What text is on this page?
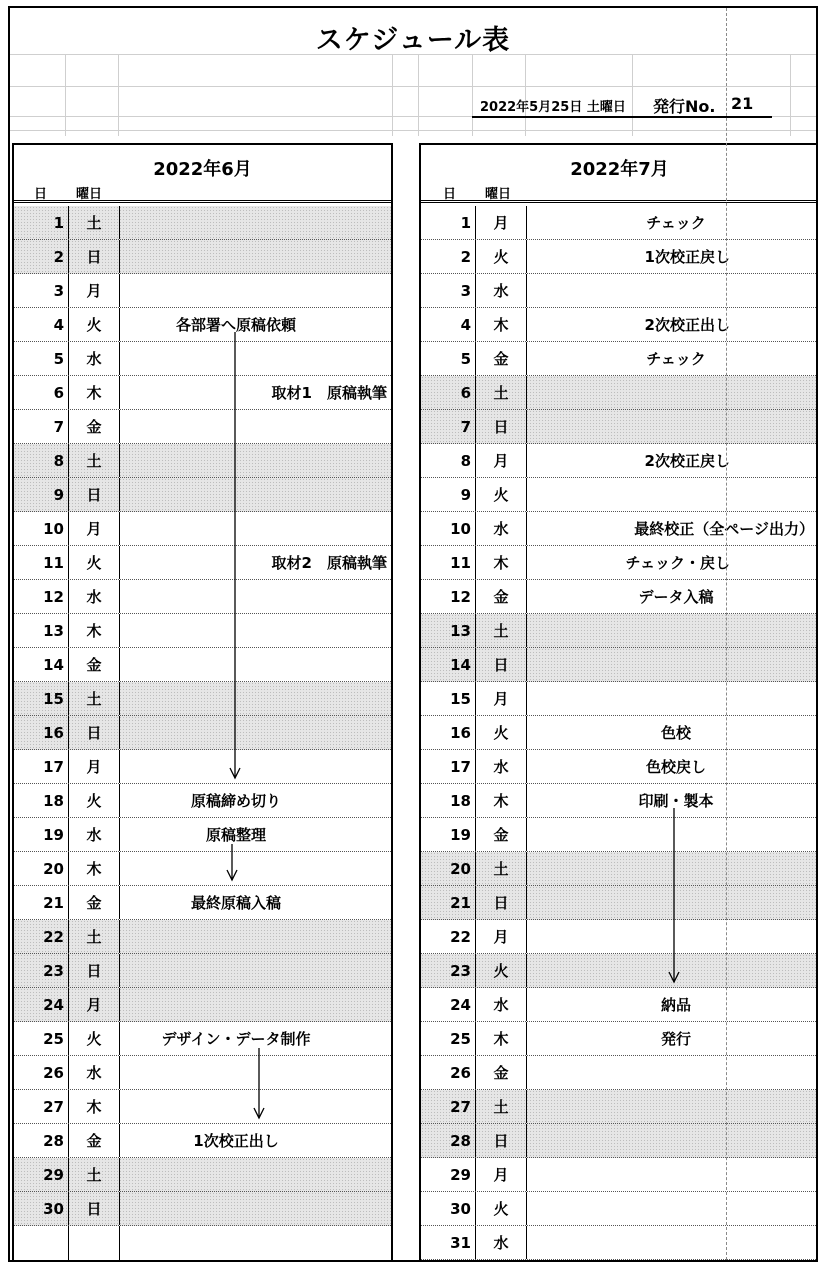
スケジュール表
2022年5月25日 土曜日 発行No. 21
2022年6月
日 曜日
1	土
2	日
3	月
4	火	各部署へ原稿依頼
5	水
6	木	取材1　原稿執筆
7	金
8	土
9	日
10	月
11	火	取材2　原稿執筆
12	水
13	木
14	金
15	土
16	日
17	月
18	火	原稿締め切り
19	水	原稿整理
20	木
21	金	最終原稿入稿
22	土
23	日
24	月
25	火	デザイン・データ制作
26	水
27	木
28	金	1次校正出し
29	土
30	日
2022年7月
日 曜日
1	月	チェック
2	火	1次校正戻し
3	水
4	木	2次校正出し
5	金	チェック
6	土
7	日
8	月	2次校正戻し
9	火
10	水	最終校正（全ページ出力）
11	木	チェック・戻し
12	金	データ入稿
13	土
14	日
15	月
16	火	色校
17	水	色校戻し
18	木	印刷・製本
19	金
20	土
21	日
22	月
23	火
24	水	納品
25	木	発行
26	金
27	土
28	日
29	月
30	火
31	水
